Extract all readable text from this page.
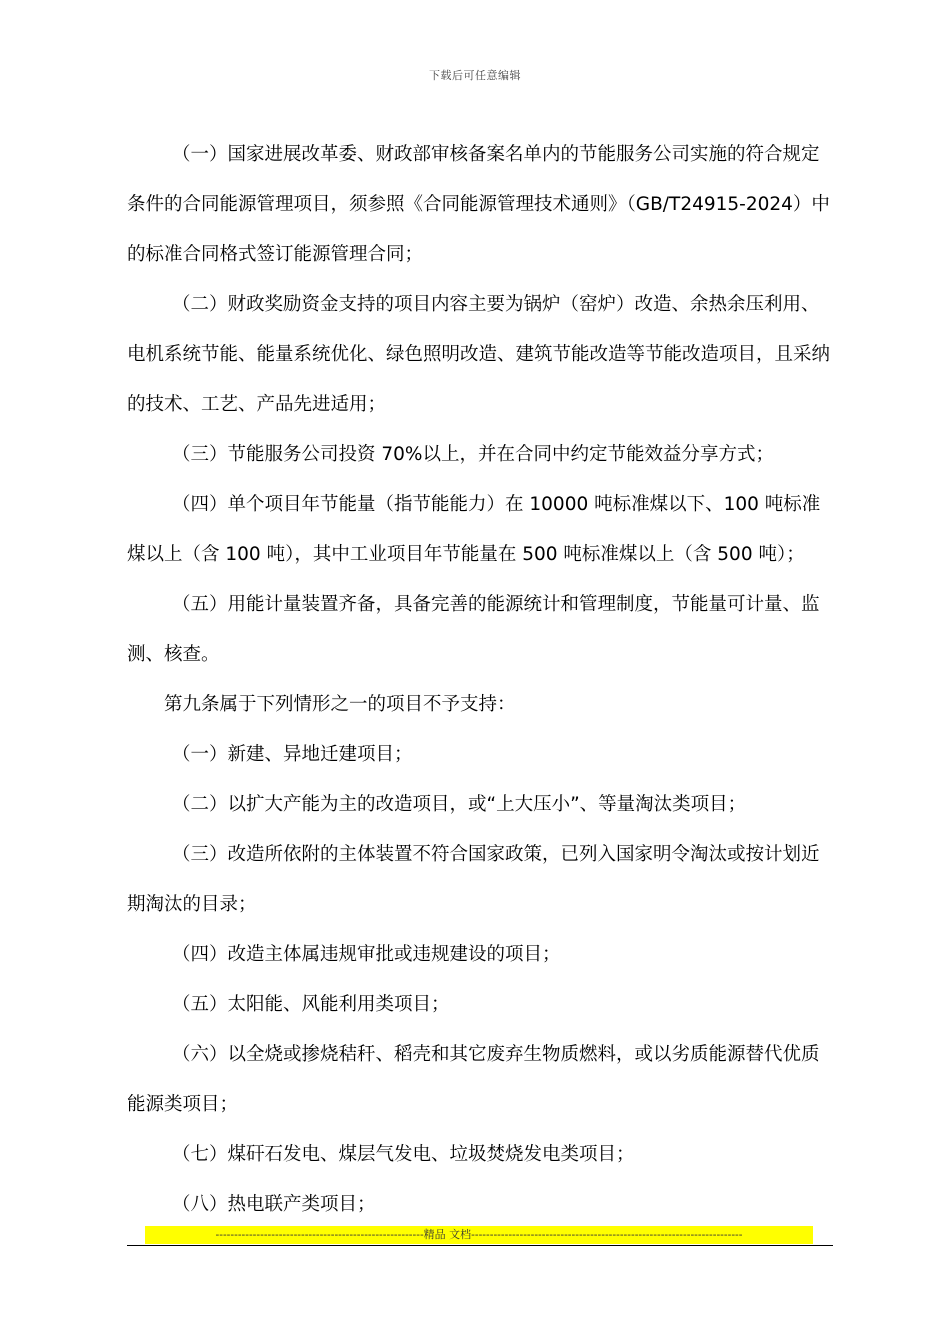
下载后可任意编辑

（一）国家进展改革委、财政部审核备案名单内的节能服务公司实施的符合规定条件的合同能源管理项目，须参照《合同能源管理技术通则》（GB/T24915-2024）中的标准合同格式签订能源管理合同；

（二）财政奖励资金支持的项目内容主要为锅炉（窑炉）改造、余热余压利用、电机系统节能、能量系统优化、绿色照明改造、建筑节能改造等节能改造项目，且采纳的技术、工艺、产品先进适用；

（三）节能服务公司投资 70%以上，并在合同中约定节能效益分享方式；

（四）单个项目年节能量（指节能能力）在 10000 吨标准煤以下、100 吨标准煤以上（含 100 吨），其中工业项目年节能量在 500 吨标准煤以上（含 500 吨）；

（五）用能计量装置齐备，具备完善的能源统计和管理制度，节能量可计量、监测、核查。

第九条属于下列情形之一的项目不予支持：

（一）新建、异地迁建项目；

（二）以扩大产能为主的改造项目，或“上大压小”、等量淘汰类项目；

（三）改造所依附的主体装置不符合国家政策，已列入国家明令淘汰或按计划近期淘汰的目录；

（四）改造主体属违规审批或违规建设的项目；

（五）太阳能、风能利用类项目；

（六）以全烧或掺烧秸秆、稻壳和其它废弃生物质燃料，或以劣质能源替代优质能源类项目；

（七）煤矸石发电、煤层气发电、垃圾焚烧发电类项目；

（八）热电联产类项目；

--------------------------------------------------------精品 文档-------------------------------------------------------------------------
